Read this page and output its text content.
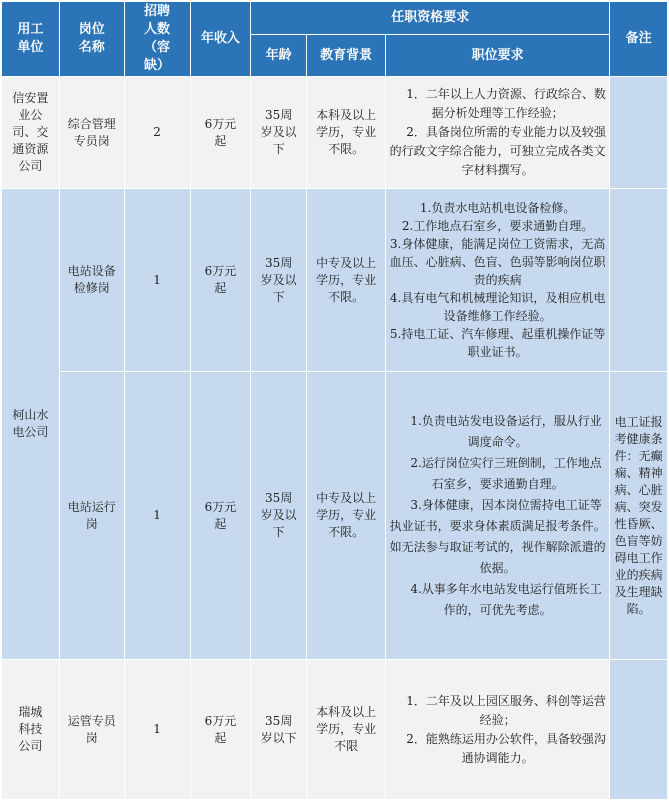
用工单位	岗位名称	招聘人数（容缺）	年收入	任职资格要求			备注
				年龄	教育背景	职位要求	

信安置业公司、交通资源公司	综合管理专员岗	2	6万元起	35周岁及以下	本科及以上学历，专业不限。	1．二年以上人力资源、行政综合、数据分析处理等工作经验；
2．具备岗位所需的专业能力以及较强的行政文字综合能力，可独立完成各类文字材料撰写。	

柯山水电公司	电站设备检修岗	1	6万元起	35周岁及以下	中专及以上学历，专业不限。	1.负责水电站机电设备检修。
2.工作地点石室乡，要求通勤自理。
3.身体健康，能满足岗位工资需求，无高血压、心脏病、色盲、色弱等影响岗位职责的疾病
4.具有电气和机械理论知识，及相应机电设备维修工作经验。
5.持电工证、汽车修理、起重机操作证等职业证书。	

	电站运行岗	1	6万元起	35周岁及以下	中专及以上学历，专业不限。	1.负责电站发电设备运行，服从行业调度命令。
2.运行岗位实行三班倒制，工作地点石室乡，要求通勤自理。
3.身体健康，因本岗位需持电工证等执业证书，要求身体素质满足报考条件。如无法参与取证考试的，视作解除派遣的依据。
4.从事多年水电站发电运行值班长工作的，可优先考虑。	电工证报考健康条件：无癫痫、精神病、心脏病、突发性昏厥、色盲等妨碍电工作业的疾病及生理缺陷。

瑞城科技公司	运管专员岗	1	6万元起	35周岁以下	本科及以上学历，专业不限	1．二年及以上园区服务、科创等运营经验；
2．能熟练运用办公软件，具备较强沟通协调能力。	
